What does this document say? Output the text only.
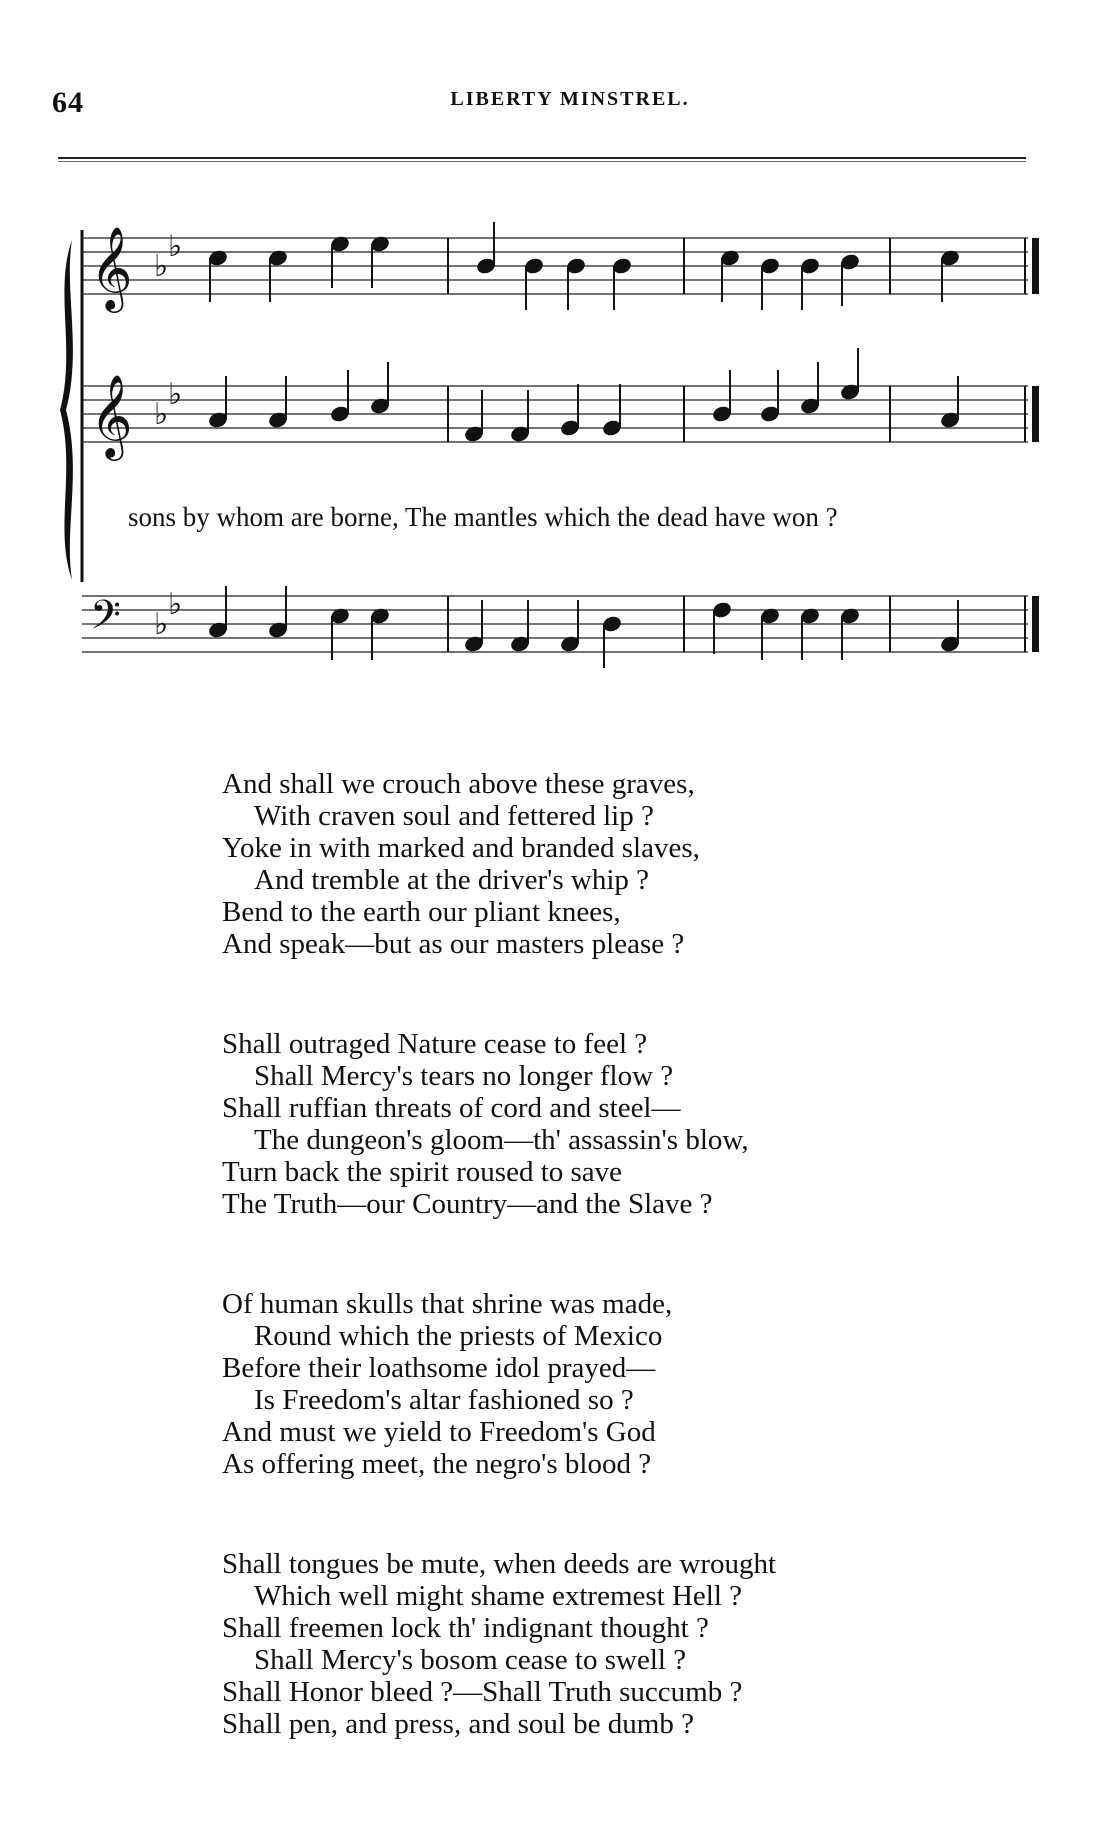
64	LIBERTY MINSTREL.
𝄞 ♭
♭
𝄞 ♭
♭
𝄢 ♭
♭
sons by whom are borne, The mantles which the dead have won ?
And shall we crouch above these graves,
With craven soul and fettered lip ?
Yoke in with marked and branded slaves,
And tremble at the driver's whip ?
Bend to the earth our pliant knees,
And speak—but as our masters please ?
Shall outraged Nature cease to feel ?
Shall Mercy's tears no longer flow ?
Shall ruffian threats of cord and steel—
The dungeon's gloom—th' assassin's blow,
Turn back the spirit roused to save
The Truth—our Country—and the Slave ?
Of human skulls that shrine was made,
Round which the priests of Mexico
Before their loathsome idol prayed—
Is Freedom's altar fashioned so ?
And must we yield to Freedom's God
As offering meet, the negro's blood ?
Shall tongues be mute, when deeds are wrought
Which well might shame extremest Hell ?
Shall freemen lock th' indignant thought ?
Shall Mercy's bosom cease to swell ?
Shall Honor bleed ?—Shall Truth succumb ?
Shall pen, and press, and soul be dumb ?
